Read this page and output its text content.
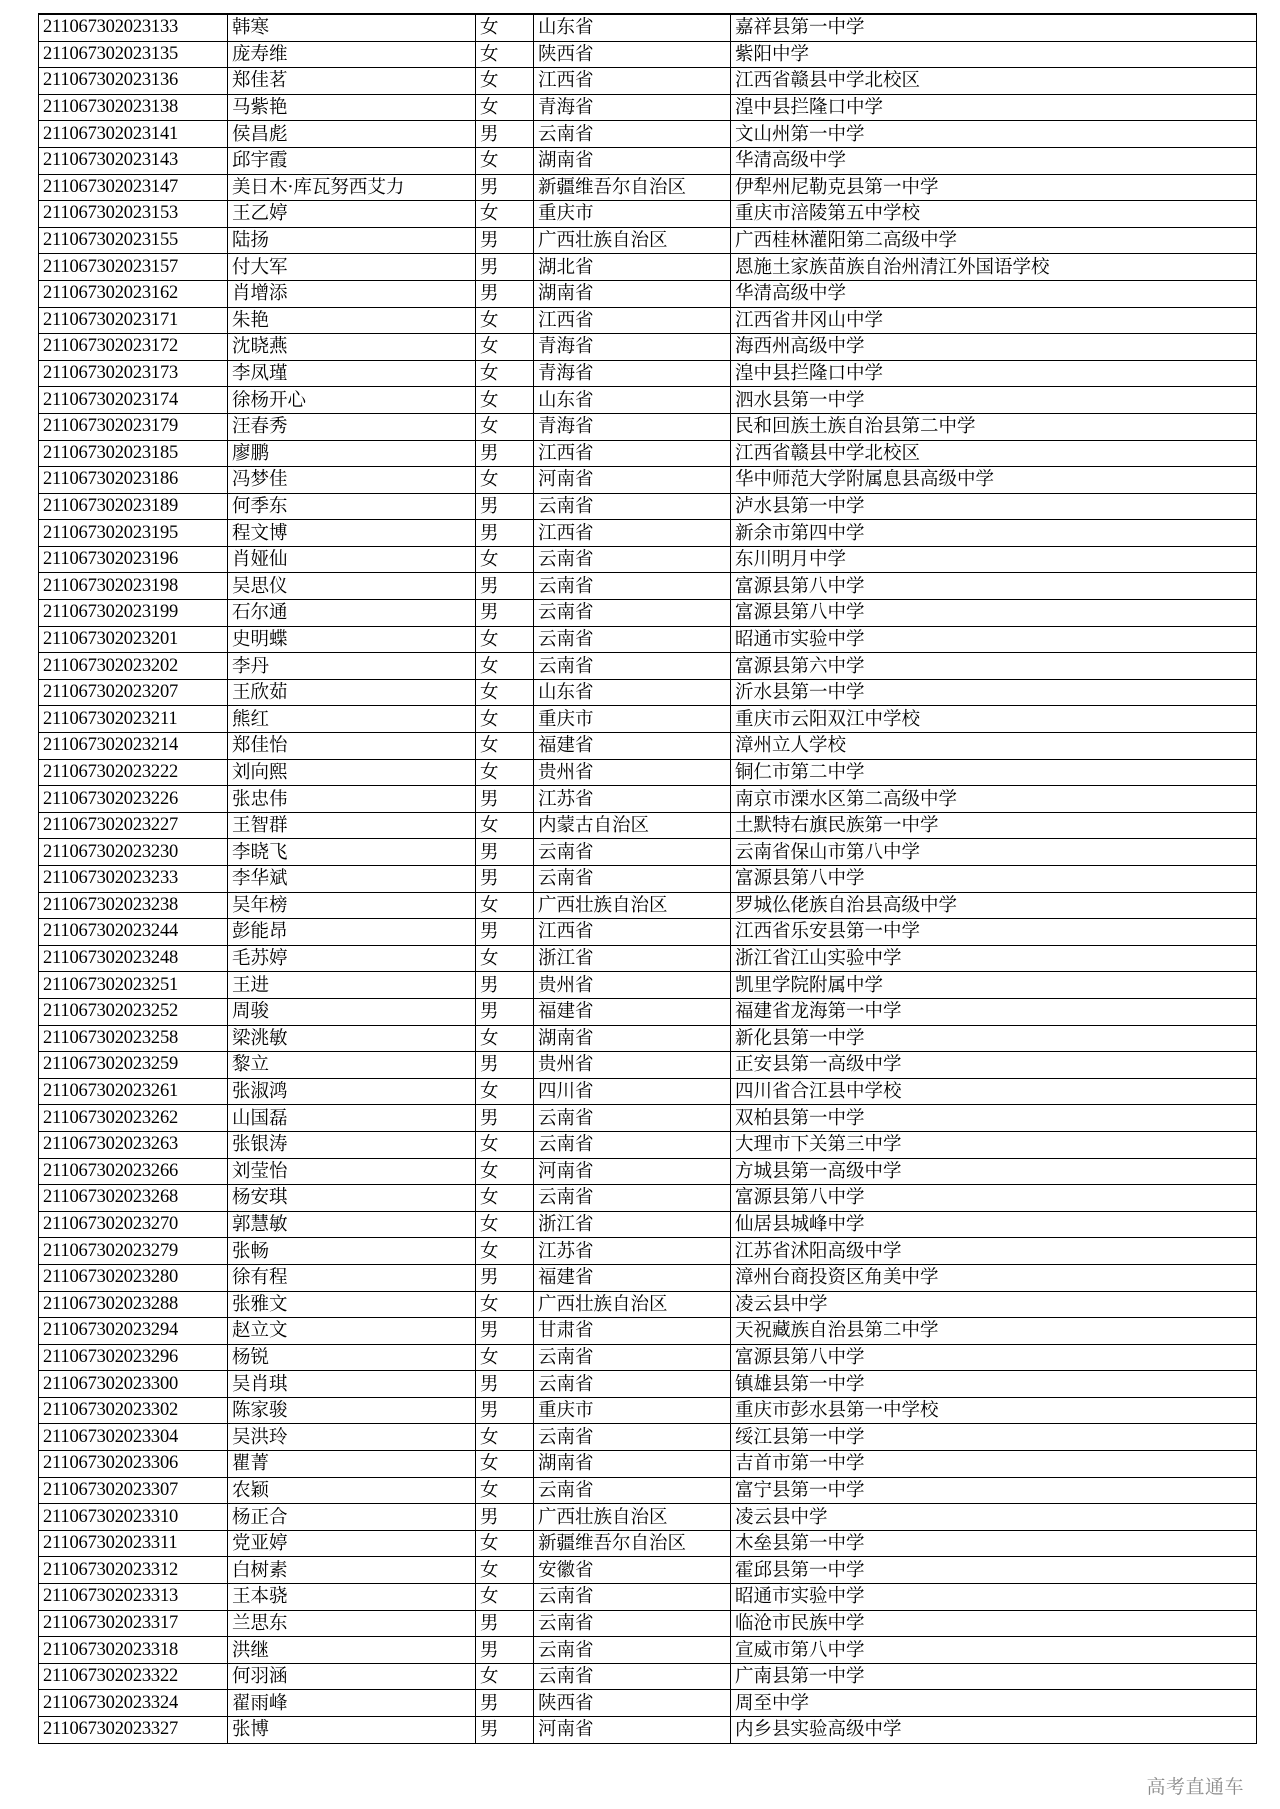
211067302023133	韩寒	女	山东省	嘉祥县第一中学
211067302023135	庞寿维	女	陕西省	紫阳中学
211067302023136	郑佳茗	女	江西省	江西省赣县中学北校区
211067302023138	马紫艳	女	青海省	湟中县拦隆口中学
211067302023141	侯昌彪	男	云南省	文山州第一中学
211067302023143	邱宇霞	女	湖南省	华清高级中学
211067302023147	美日木·库瓦努西艾力	男	新疆维吾尔自治区	伊犁州尼勒克县第一中学
211067302023153	王乙婷	女	重庆市	重庆市涪陵第五中学校
211067302023155	陆扬	男	广西壮族自治区	广西桂林灌阳第二高级中学
211067302023157	付大军	男	湖北省	恩施土家族苗族自治州清江外国语学校
211067302023162	肖增添	男	湖南省	华清高级中学
211067302023171	朱艳	女	江西省	江西省井冈山中学
211067302023172	沈晓燕	女	青海省	海西州高级中学
211067302023173	李凤瑾	女	青海省	湟中县拦隆口中学
211067302023174	徐杨开心	女	山东省	泗水县第一中学
211067302023179	汪春秀	女	青海省	民和回族土族自治县第二中学
211067302023185	廖鹏	男	江西省	江西省赣县中学北校区
211067302023186	冯梦佳	女	河南省	华中师范大学附属息县高级中学
211067302023189	何季东	男	云南省	泸水县第一中学
211067302023195	程文博	男	江西省	新余市第四中学
211067302023196	肖娅仙	女	云南省	东川明月中学
211067302023198	吴思仪	男	云南省	富源县第八中学
211067302023199	石尔通	男	云南省	富源县第八中学
211067302023201	史明蝶	女	云南省	昭通市实验中学
211067302023202	李丹	女	云南省	富源县第六中学
211067302023207	王欣茹	女	山东省	沂水县第一中学
211067302023211	熊红	女	重庆市	重庆市云阳双江中学校
211067302023214	郑佳怡	女	福建省	漳州立人学校
211067302023222	刘向熙	女	贵州省	铜仁市第二中学
211067302023226	张忠伟	男	江苏省	南京市溧水区第二高级中学
211067302023227	王智群	女	内蒙古自治区	土默特右旗民族第一中学
211067302023230	李晓飞	男	云南省	云南省保山市第八中学
211067302023233	李华斌	男	云南省	富源县第八中学
211067302023238	吴年榜	女	广西壮族自治区	罗城仫佬族自治县高级中学
211067302023244	彭能昂	男	江西省	江西省乐安县第一中学
211067302023248	毛苏婷	女	浙江省	浙江省江山实验中学
211067302023251	王进	男	贵州省	凯里学院附属中学
211067302023252	周骏	男	福建省	福建省龙海第一中学
211067302023258	梁洮敏	女	湖南省	新化县第一中学
211067302023259	黎立	男	贵州省	正安县第一高级中学
211067302023261	张淑鸿	女	四川省	四川省合江县中学校
211067302023262	山国磊	男	云南省	双柏县第一中学
211067302023263	张银涛	女	云南省	大理市下关第三中学
211067302023266	刘莹怡	女	河南省	方城县第一高级中学
211067302023268	杨安琪	女	云南省	富源县第八中学
211067302023270	郭慧敏	女	浙江省	仙居县城峰中学
211067302023279	张畅	女	江苏省	江苏省沭阳高级中学
211067302023280	徐有程	男	福建省	漳州台商投资区角美中学
211067302023288	张雅文	女	广西壮族自治区	凌云县中学
211067302023294	赵立文	男	甘肃省	天祝藏族自治县第二中学
211067302023296	杨锐	女	云南省	富源县第八中学
211067302023300	吴肖琪	男	云南省	镇雄县第一中学
211067302023302	陈家骏	男	重庆市	重庆市彭水县第一中学校
211067302023304	吴洪玲	女	云南省	绥江县第一中学
211067302023306	瞿菁	女	湖南省	吉首市第一中学
211067302023307	农颖	女	云南省	富宁县第一中学
211067302023310	杨正合	男	广西壮族自治区	凌云县中学
211067302023311	党亚婷	女	新疆维吾尔自治区	木垒县第一中学
211067302023312	白树素	女	安徽省	霍邱县第一中学
211067302023313	王本骁	女	云南省	昭通市实验中学
211067302023317	兰思东	男	云南省	临沧市民族中学
211067302023318	洪继	男	云南省	宣威市第八中学
211067302023322	何羽涵	女	云南省	广南县第一中学
211067302023324	翟雨峰	男	陕西省	周至中学
211067302023327	张博	男	河南省	内乡县实验高级中学
高考直通车
